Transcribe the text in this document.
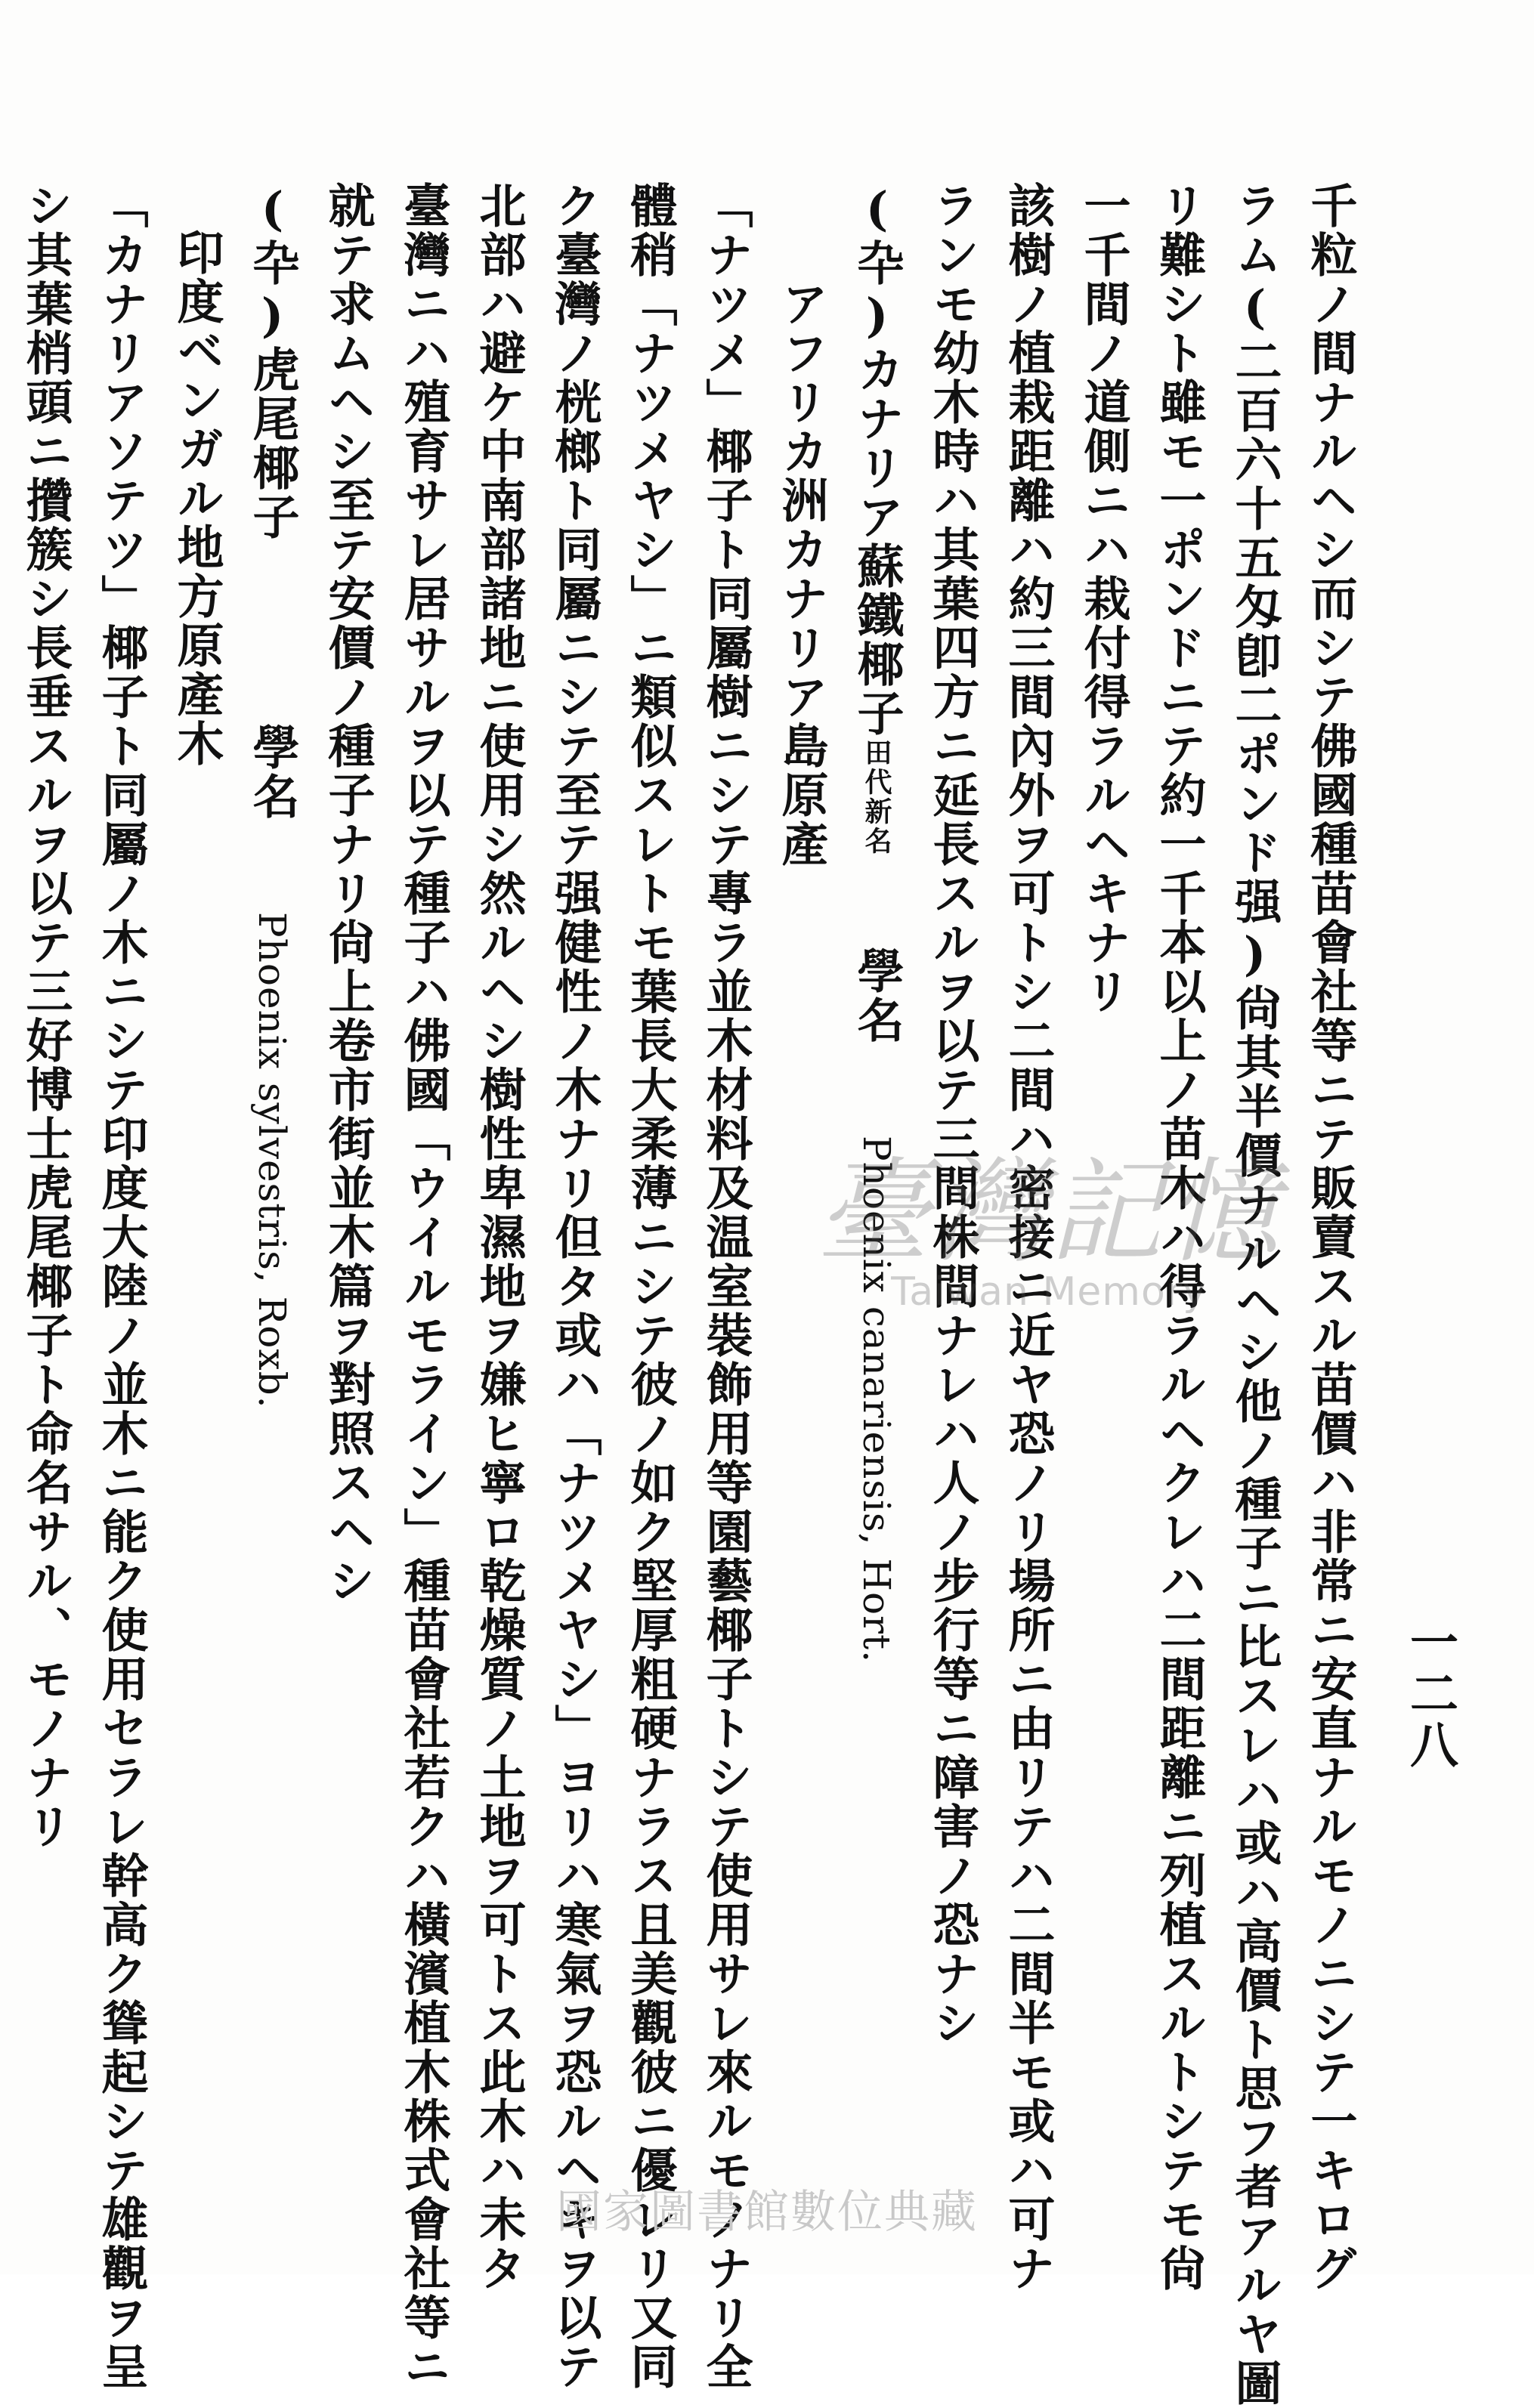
一二八
千粒ノ間ナルヘシ而シテ佛國種苗會社等ニテ販賣スル苗價ハ非常ニ安直ナルモノニシテ一キログ
ラム(二百六十五匁卽二ポンド强)尙其半價ナルヘシ他ノ種子ニ比スレハ或ハ高價ト思フ者アルヤ圖
リ難シト雖モ一ポンドニテ約一千本以上ノ苗木ハ得ラルヘクレハ二間距離ニ列植スルトシテモ尙
一千間ノ道側ニハ栽付得ラルヘキナリ
該樹ノ植栽距離ハ約三間內外ヲ可トシ二間ハ密接ニ近ヤ恐ノリ場所ニ由リテハ二間半モ或ハ可ナ
ランモ幼木時ハ其葉四方ニ延長スルヲ以テ三間株間ナレハ人ノ步行等ニ障害ノ恐ナシ
(卆)カナリア蘇鐵椰子田代新名學名Phoenix canariensis, Hort.
アフリカ洲カナリア島原產
「ナツメ」椰子ト同屬樹ニシテ專ラ並木材料及温室裝飾用等園藝椰子トシテ使用サレ來ルモノナリ全
體稍「ナツメヤシ」ニ類似スレトモ葉長大柔薄ニシテ彼ノ如ク堅厚粗硬ナラス且美觀彼ニ優レリ又同
ク臺灣ノ桄榔ト同屬ニシテ至テ强健性ノ木ナリ但タ或ハ「ナツメヤシ」ヨリハ寒氣ヲ恐ルヘキヲ以テ
北部ハ避ケ中南部諸地ニ使用シ然ルヘシ樹性卑濕地ヲ嫌ヒ寧ロ乾燥質ノ土地ヲ可トス此木ハ未タ
臺灣ニハ殖育サレ居サルヲ以テ種子ハ佛國「ウイルモライン」種苗會社若クハ橫濱植木株式會社等ニ
就テ求ムヘシ至テ安價ノ種子ナリ尙上卷市街並木篇ヲ對照スヘシ
(卆)虎尾椰子學名Phoenix sylvestris, Roxb.
印度ベンガル地方原產木
「カナリアソテツ」椰子ト同屬ノ木ニシテ印度大陸ノ並木ニ能ク使用セラレ幹高ク聳起シテ雄觀ヲ呈
シ其葉梢頭ニ攢簇シ長垂スルヲ以テ三好博士虎尾椰子ト命名サル、モノナリ	臺灣記憶
Taiwan Memory
國家圖書館數位典藏
